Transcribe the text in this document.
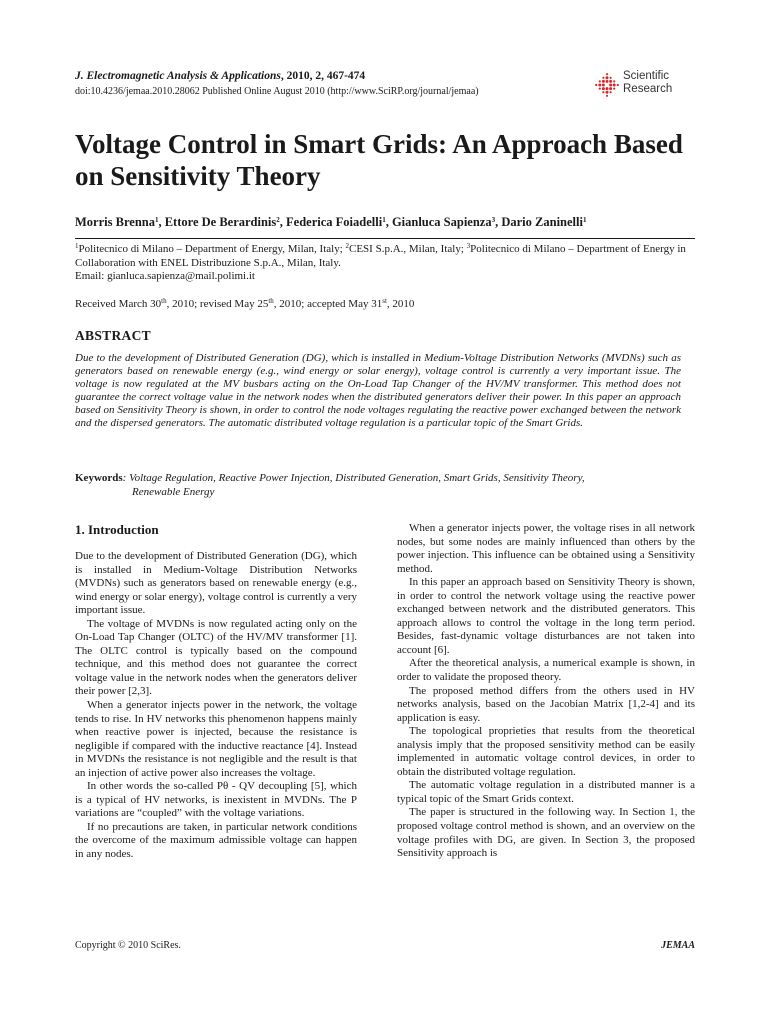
J. Electromagnetic Analysis & Applications, 2010, 2, 467-474
doi:10.4236/jemaa.2010.28062 Published Online August 2010 (http://www.SciRP.org/journal/jemaa)
Scientific
Research
Voltage Control in Smart Grids: An Approach Based on Sensitivity Theory
Morris Brenna$^1$, Ettore De Berardinis$^2$, Federica Foiadelli$^1$, Gianluca Sapienza$^3$, Dario Zaninelli$^1$
$^1$Politecnico di Milano – Department of Energy, Milan, Italy; $^2$CESI S.p.A., Milan, Italy; $^3$Politecnico di Milano – Department of Energy in Collaboration with ENEL Distribuzione S.p.A., Milan, Italy.
Email: gianluca.sapienza@mail.polimi.it
Received March 30th, 2010; revised May 25th, 2010; accepted May 31st, 2010
ABSTRACT
Due to the development of Distributed Generation (DG), which is installed in Medium-Voltage Distribution Networks (MVDNs) such as generators based on renewable energy (e.g., wind energy or solar energy), voltage control is currently a very important issue. The voltage is now regulated at the MV busbars acting on the On-Load Tap Changer of the HV/MV transformer. This method does not guarantee the correct voltage value in the network nodes when the distributed generators deliver their power. In this paper an approach based on Sensitivity Theory is shown, in order to control the node voltages regulating the reactive power exchanged between the network and the dispersed generators. The automatic distributed voltage regulation is a particular topic of the Smart Grids.
Keywords: Voltage Regulation, Reactive Power Injection, Distributed Generation, Smart Grids, Sensitivity Theory,
Renewable Energy
1. Introduction

Due to the development of Distributed Generation (DG), which is installed in Medium-Voltage Distribution Networks (MVDNs) such as generators based on renewable energy (e.g., wind energy or solar energy), voltage control is currently a very important issue.

The voltage of MVDNs is now regulated acting only on the On-Load Tap Changer (OLTC) of the HV/MV transformer [1]. The OLTC control is typically based on the compound technique, and this method does not guarantee the correct voltage value in the network nodes when the generators deliver their power [2,3].

When a generator injects power in the network, the voltage tends to rise. In HV networks this phenomenon happens mainly when reactive power is injected, because the resistance is negligible if compared with the inductive reactance [4]. Instead in MVDNs the resistance is not negligible and the result is that an injection of active power also increases the voltage.

In other words the so-called Pθ - QV decoupling [5], which is a typical of HV networks, is inexistent in MVDNs. The P variations are “coupled” with the voltage variations.

If no precautions are taken, in particular network conditions the overcome of the maximum admissible voltage can happen in any nodes.

When a generator injects power, the voltage rises in all network nodes, but some nodes are mainly influenced than others by the power injection. This influence can be obtained using a Sensitivity method.

In this paper an approach based on Sensitivity Theory is shown, in order to control the network voltage using the reactive power exchanged between network and the distributed generators. This approach allows to control the voltage in the long term period. Besides, fast-dynamic voltage disturbances are not taken into account [6].

After the theoretical analysis, a numerical example is shown, in order to validate the proposed theory.

The proposed method differs from the others used in HV networks analysis, based on the Jacobian Matrix [1,2-4] and its application is easy.

The topological proprieties that results from the theoretical analysis imply that the proposed sensitivity method can be easily implemented in automatic voltage control devices, in order to obtain the distributed voltage regulation.

The automatic voltage regulation in a distributed manner is a typical topic of the Smart Grids context.

The paper is structured in the following way. In Section 1, the proposed voltage control method is shown, and an overview on the voltage profiles with DG, are given. In Section 3, the proposed Sensitivity approach is

Copyright © 2010 SciRes.	JEMAA
